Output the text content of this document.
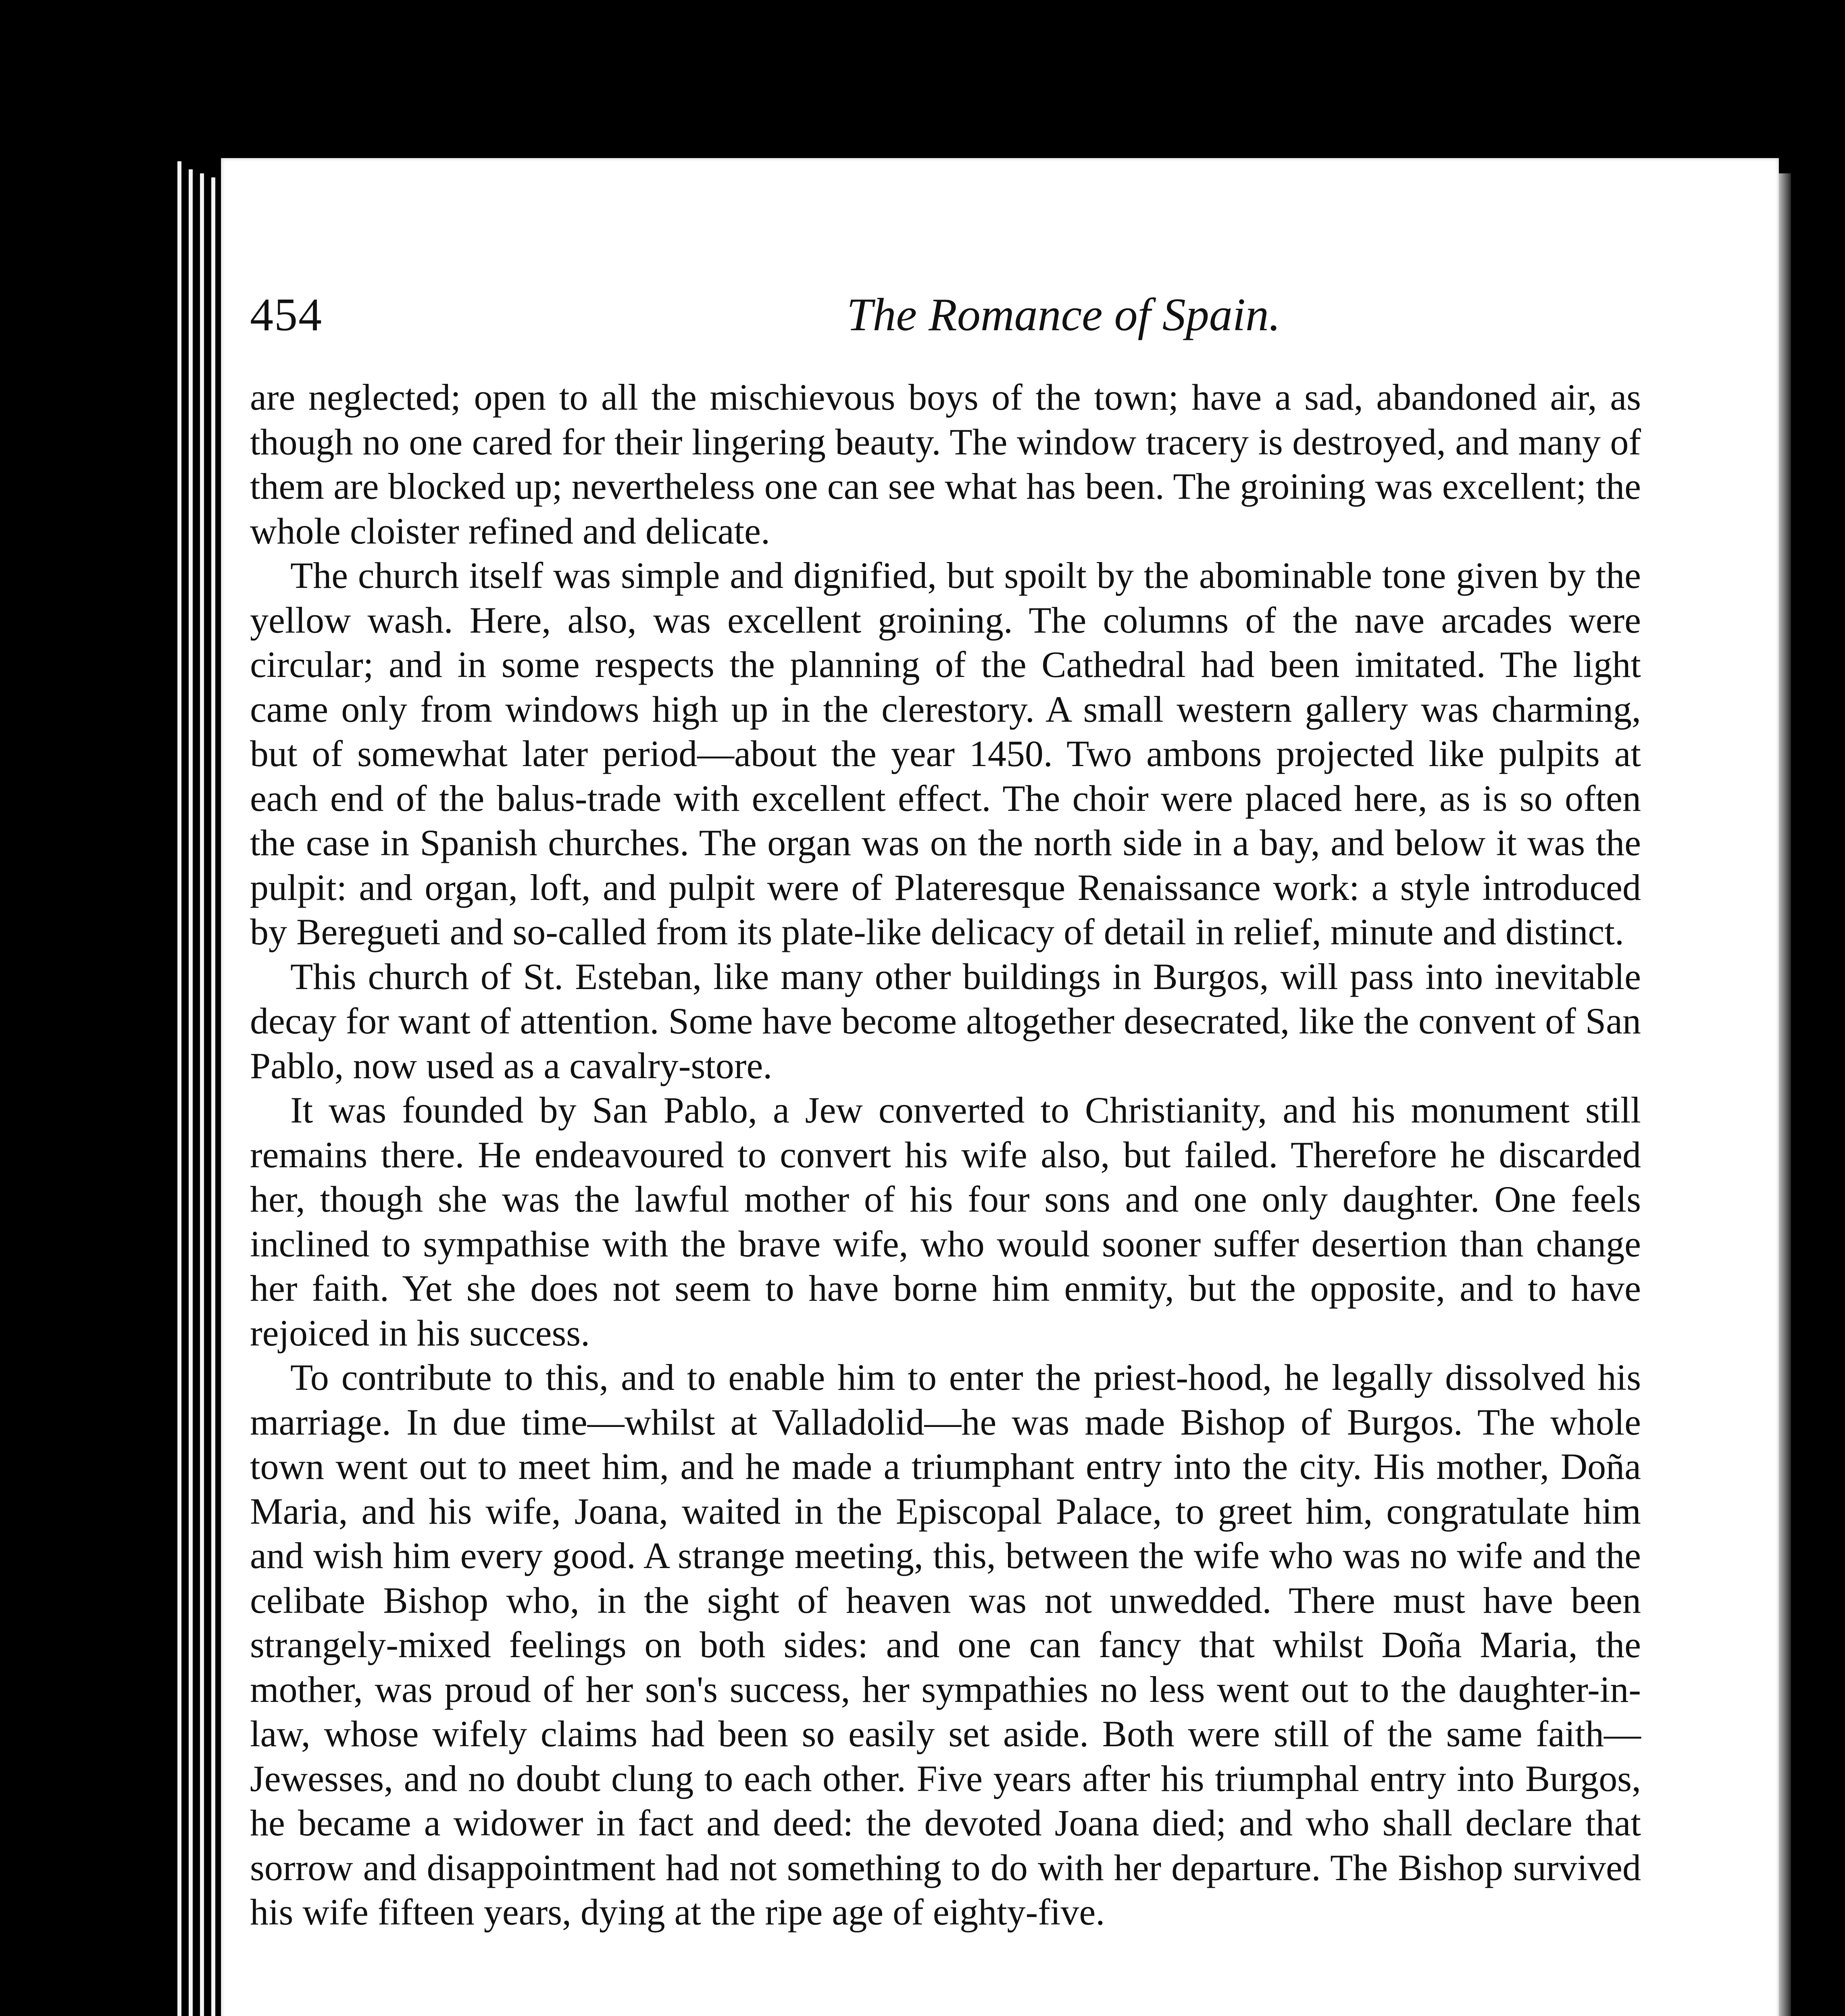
454	The Romance of Spain.

are neglected; open to all the mischievous boys of the town; have a sad, abandoned air, as though no one cared for their lingering beauty. The window tracery is destroyed, and many of them are blocked up; nevertheless one can see what has been. The groining was excellent; the whole cloister refined and delicate.

The church itself was simple and dignified, but spoilt by the abominable tone given by the yellow wash. Here, also, was excellent groining. The columns of the nave arcades were circular; and in some respects the planning of the Cathedral had been imitated. The light came only from windows high up in the clerestory. A small western gallery was charming, but of somewhat later period—about the year 1450. Two ambons projected like pulpits at each end of the balus-trade with excellent effect. The choir were placed here, as is so often the case in Spanish churches. The organ was on the north side in a bay, and below it was the pulpit: and organ, loft, and pulpit were of Plateresque Renaissance work: a style introduced by Beregueti and so-called from its plate-like delicacy of detail in relief, minute and distinct.

This church of St. Esteban, like many other buildings in Burgos, will pass into inevitable decay for want of attention. Some have become altogether desecrated, like the convent of San Pablo, now used as a cavalry-store.

It was founded by San Pablo, a Jew converted to Christianity, and his monument still remains there. He endeavoured to convert his wife also, but failed. Therefore he discarded her, though she was the lawful mother of his four sons and one only daughter. One feels inclined to sympathise with the brave wife, who would sooner suffer desertion than change her faith. Yet she does not seem to have borne him enmity, but the opposite, and to have rejoiced in his success.

To contribute to this, and to enable him to enter the priest-hood, he legally dissolved his marriage. In due time—whilst at Valladolid—he was made Bishop of Burgos. The whole town went out to meet him, and he made a triumphant entry into the city. His mother, Doña Maria, and his wife, Joana, waited in the Episcopal Palace, to greet him, congratulate him and wish him every good. A strange meeting, this, between the wife who was no wife and the celibate Bishop who, in the sight of heaven was not unwedded. There must have been strangely-mixed feelings on both sides: and one can fancy that whilst Doña Maria, the mother, was proud of her son's success, her sympathies no less went out to the daughter-in-law, whose wifely claims had been so easily set aside. Both were still of the same faith—Jewesses, and no doubt clung to each other. Five years after his triumphal entry into Burgos, he became a widower in fact and deed: the devoted Joana died; and who shall declare that sorrow and disappointment had not something to do with her departure. The Bishop survived his wife fifteen years, dying at the ripe age of eighty-five.
